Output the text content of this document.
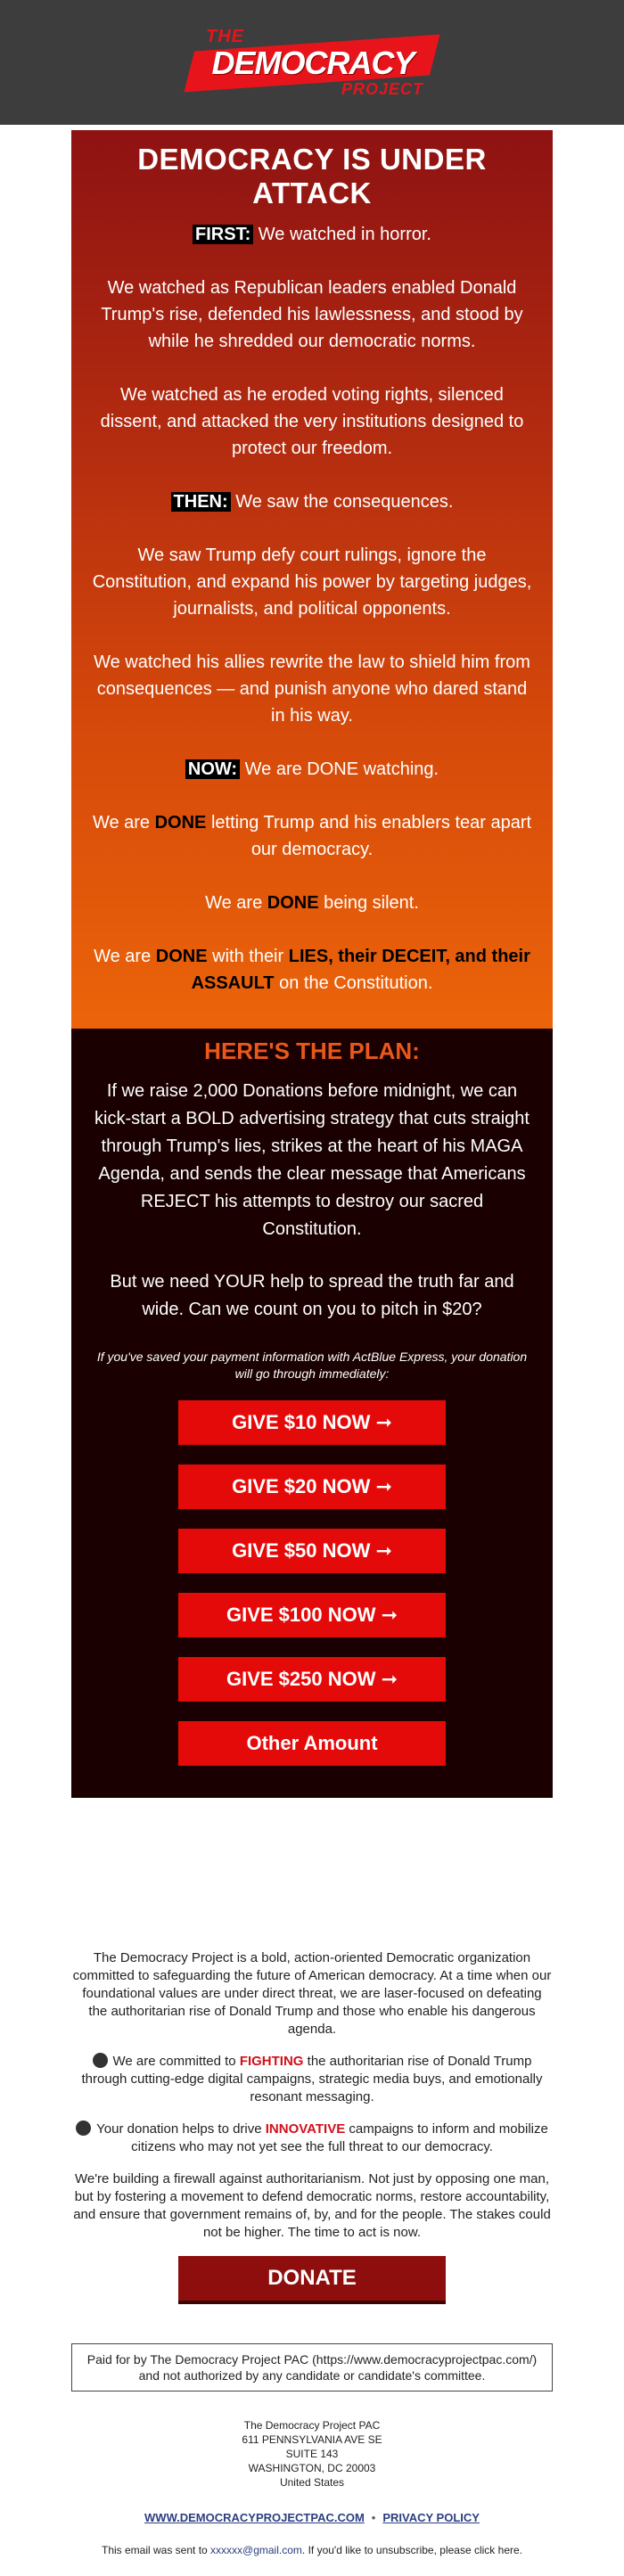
THE
DEMOCRACY
PROJECT
DEMOCRACY IS UNDER ATTACK

FIRST: We watched in horror.

We watched as Republican leaders enabled Donald Trump's rise, defended his lawlessness, and stood by while he shredded our democratic norms.

We watched as he eroded voting rights, silenced dissent, and attacked the very institutions designed to protect our freedom.

THEN: We saw the consequences.

We saw Trump defy court rulings, ignore the Constitution, and expand his power by targeting judges, journalists, and political opponents.

We watched his allies rewrite the law to shield him from consequences — and punish anyone who dared stand in his way.

NOW: We are DONE watching.

We are DONE letting Trump and his enablers tear apart our democracy.

We are DONE being silent.

We are DONE with their LIES, their DECEIT, and their ASSAULT on the Constitution.

HERE'S THE PLAN:

If we raise 2,000 Donations before midnight, we can kick-start a BOLD advertising strategy that cuts straight through Trump's lies, strikes at the heart of his MAGA Agenda, and sends the clear message that Americans REJECT his attempts to destroy our sacred Constitution.

But we need YOUR help to spread the truth far and wide. Can we count on you to pitch in $20?

If you've saved your payment information with ActBlue Express, your donation will go through immediately:

GIVE $10 NOW ➞
GIVE $20 NOW ➞
GIVE $50 NOW ➞
GIVE $100 NOW ➞
GIVE $250 NOW ➞
Other Amount

The Democracy Project is a bold, action-oriented Democratic organization committed to safeguarding the future of American democracy. At a time when our foundational values are under direct threat, we are laser-focused on defeating the authoritarian rise of Donald Trump and those who enable his dangerous agenda.

We are committed to FIGHTING the authoritarian rise of Donald Trump through cutting-edge digital campaigns, strategic media buys, and emotionally resonant messaging.

Your donation helps to drive INNOVATIVE campaigns to inform and mobilize citizens who may not yet see the full threat to our democracy.

We're building a firewall against authoritarianism. Not just by opposing one man, but by fostering a movement to defend democratic norms, restore accountability, and ensure that government remains of, by, and for the people. The stakes could not be higher. The time to act is now.

DONATE
Paid for by The Democracy Project PAC (https://www.democracyprojectpac.com/) and not authorized by any candidate or candidate's committee.
The Democracy Project PAC
611 PENNSYLVANIA AVE SE
SUITE 143
WASHINGTON, DC 20003
United States
WWW.DEMOCRACYPROJECTPAC.COM • PRIVACY POLICY
This email was sent to xxxxxx@gmail.com. If you'd like to unsubscribe, please click here.
